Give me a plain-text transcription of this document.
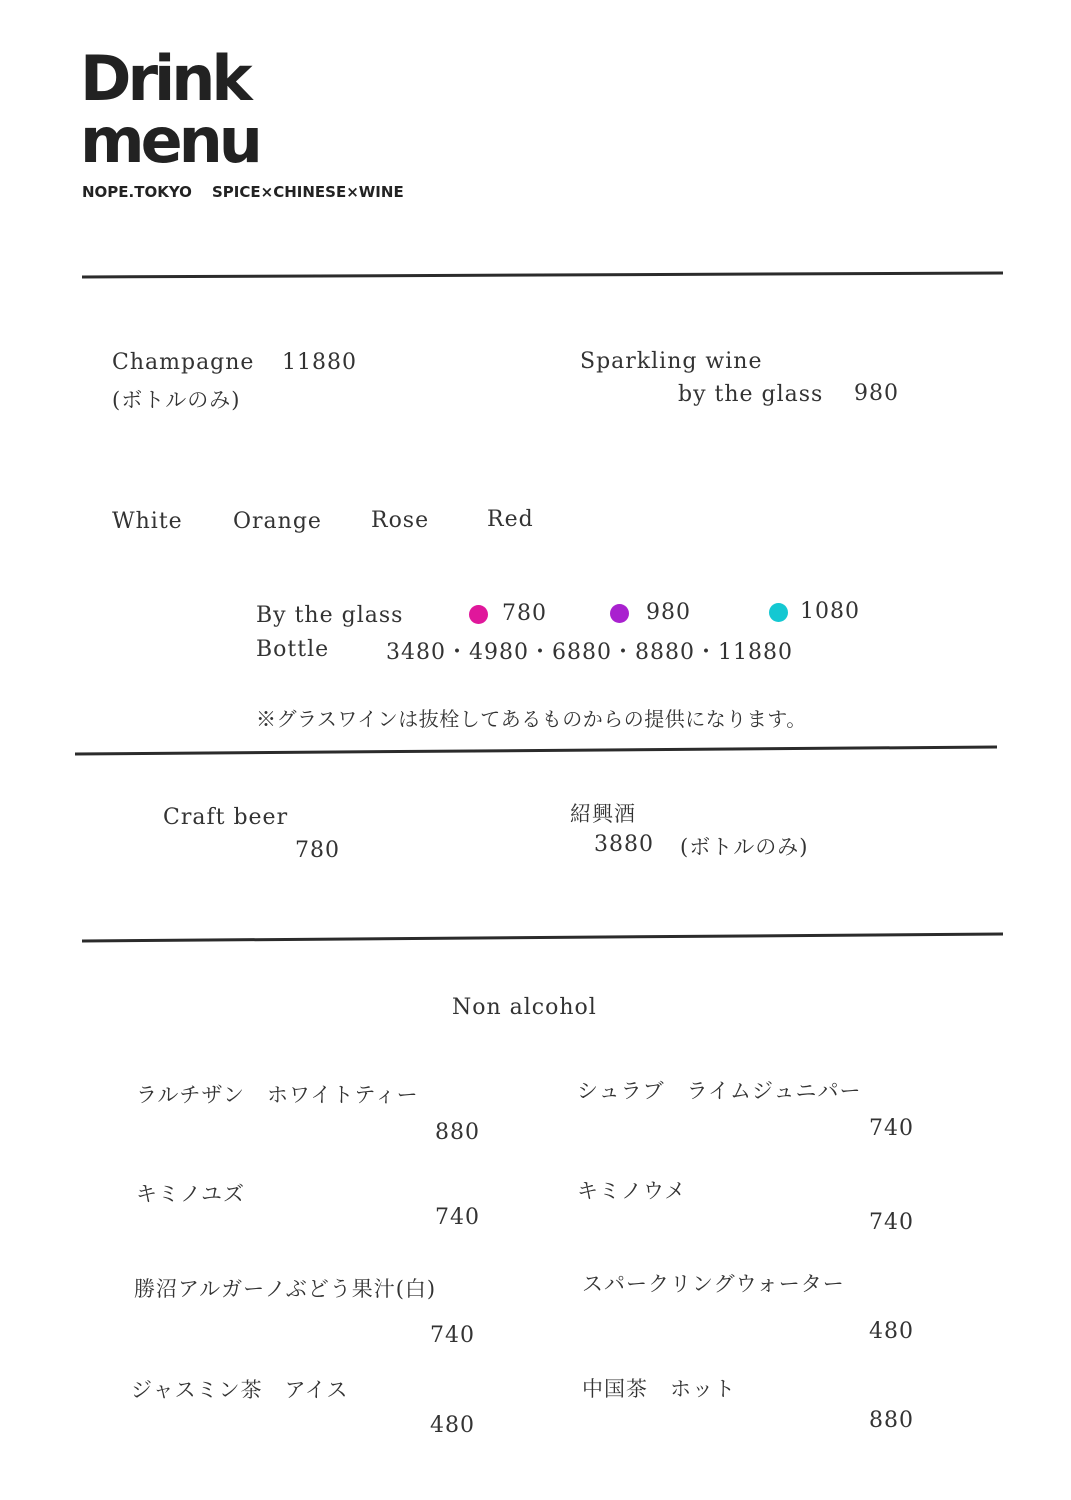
Drink
menu
NOPE.TOKYO SPICE×CHINESE×WINE
Champagne 11880
(ボトルのみ)
Sparkling wine
by the glass 980
White Orange Rose	Red
By the glass	780	980	1080
Bottle	3480・4980・6880・8880・11880
※グラスワインは抜栓してあるものからの提供になります。
Craft beer
780
紹興酒
3880 (ボトルのみ)
Non alcohol
ラルチザン　ホワイトティー
880
シュラブ　ライムジュニパー
740
キミノユズ
740
キミノウメ
740
勝沼アルガーノぶどう果汁(白)
740
スパークリングウォーター
480
ジャスミン茶　アイス
480
中国茶　ホット
880
